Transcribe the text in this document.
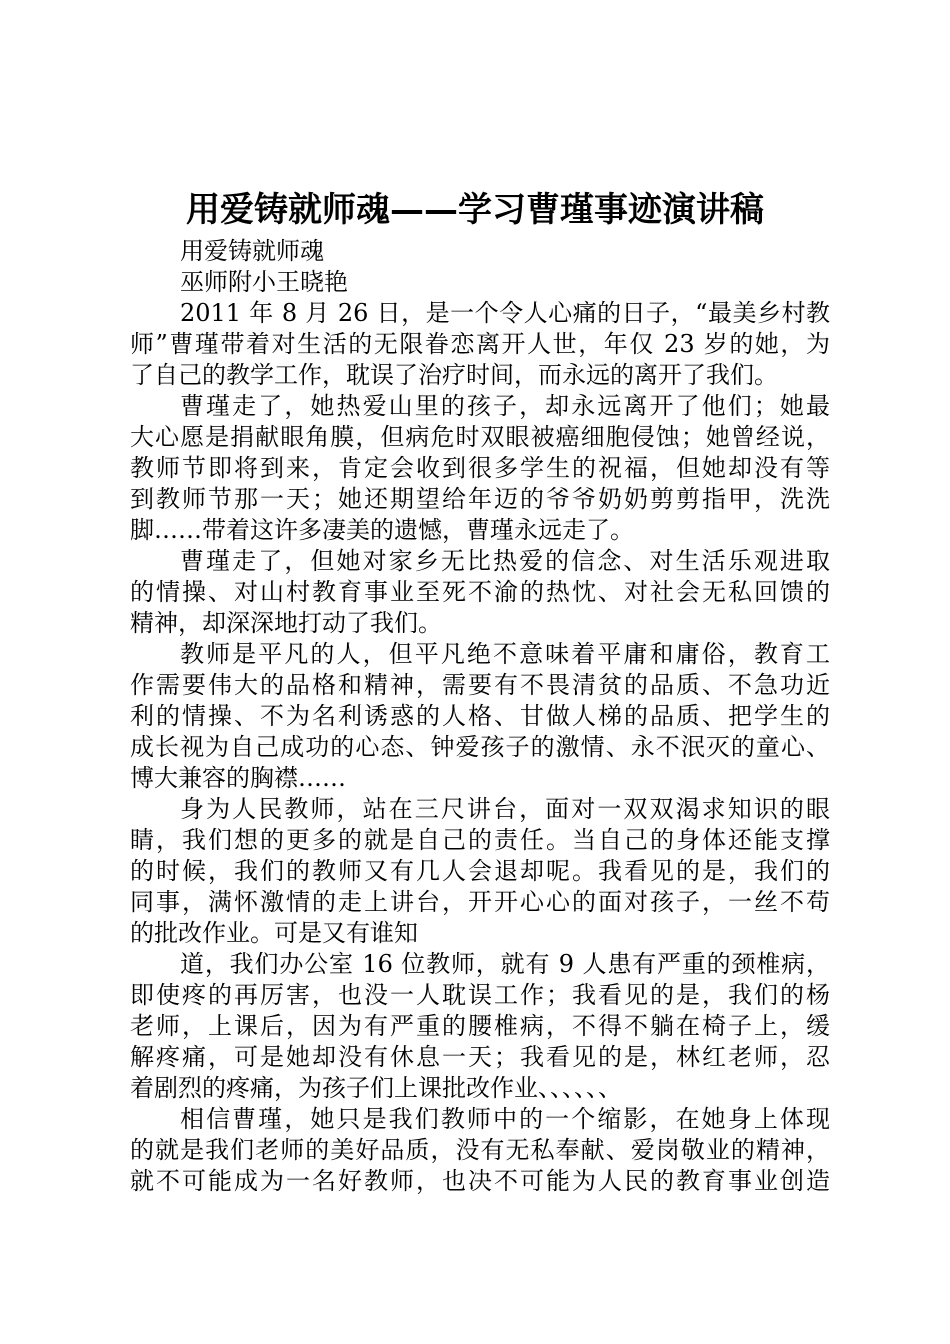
用爱铸就师魂——学习曹瑾事迹演讲稿
用爱铸就师魂
巫师附小王晓艳
2011 年 8 月 26 日，是一个令人心痛的日子，“最美乡村教
师”曹瑾带着对生活的无限眷恋离开人世，年仅 23 岁的她，为
了自己的教学工作，耽误了治疗时间，而永远的离开了我们。
曹瑾走了，她热爱山里的孩子，却永远离开了他们；她最
大心愿是捐献眼角膜，但病危时双眼被癌细胞侵蚀；她曾经说，
教师节即将到来，肯定会收到很多学生的祝福，但她却没有等
到教师节那一天；她还期望给年迈的爷爷奶奶剪剪指甲，洗洗
脚……带着这许多凄美的遗憾，曹瑾永远走了。
曹瑾走了，但她对家乡无比热爱的信念、对生活乐观进取
的情操、对山村教育事业至死不渝的热忱、对社会无私回馈的
精神，却深深地打动了我们。
教师是平凡的人，但平凡绝不意味着平庸和庸俗，教育工
作需要伟大的品格和精神，需要有不畏清贫的品质、不急功近
利的情操、不为名利诱惑的人格、甘做人梯的品质、把学生的
成长视为自己成功的心态、钟爱孩子的激情、永不泯灭的童心、
博大兼容的胸襟……
身为人民教师，站在三尺讲台，面对一双双渴求知识的眼
睛，我们想的更多的就是自己的责任。当自己的身体还能支撑
的时候，我们的教师又有几人会退却呢。我看见的是，我们的
同事，满怀激情的走上讲台，开开心心的面对孩子，一丝不苟
的批改作业。可是又有谁知
道，我们办公室 16 位教师，就有 9 人患有严重的颈椎病，
即使疼的再厉害，也没一人耽误工作；我看见的是，我们的杨
老师，上课后，因为有严重的腰椎病，不得不躺在椅子上，缓
解疼痛，可是她却没有休息一天；我看见的是，林红老师，忍
着剧烈的疼痛，为孩子们上课批改作业、、、、、、
相信曹瑾，她只是我们教师中的一个缩影，在她身上体现
的就是我们老师的美好品质，没有无私奉献、爱岗敬业的精神，
就不可能成为一名好教师，也决不可能为人民的教育事业创造
